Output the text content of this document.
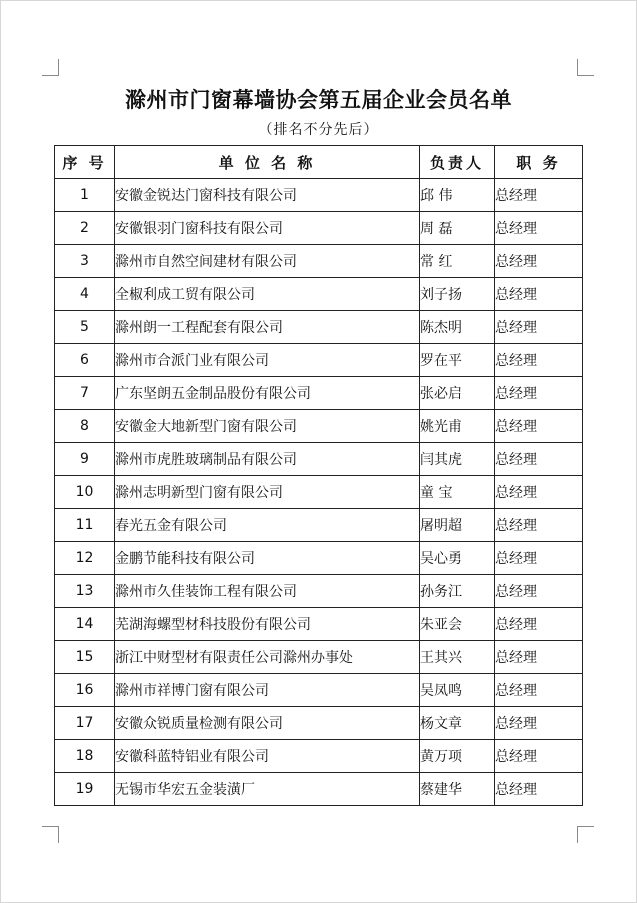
滁州市门窗幕墙协会第五届企业会员名单
（排名不分先后）
序 号	单 位 名 称	负责人	职 务
1	安徽金锐达门窗科技有限公司	邱 伟	总经理
2	安徽银羽门窗科技有限公司	周 磊	总经理
3	滁州市自然空间建材有限公司	常 红	总经理
4	全椒利成工贸有限公司	刘子扬	总经理
5	滁州朗一工程配套有限公司	陈杰明	总经理
6	滁州市合派门业有限公司	罗在平	总经理
7	广东坚朗五金制品股份有限公司	张必启	总经理
8	安徽金大地新型门窗有限公司	姚光甫	总经理
9	滁州市虎胜玻璃制品有限公司	闫其虎	总经理
10	滁州志明新型门窗有限公司	童 宝	总经理
11	春光五金有限公司	屠明超	总经理
12	金鹏节能科技有限公司	吴心勇	总经理
13	滁州市久佳装饰工程有限公司	孙务江	总经理
14	芜湖海螺型材科技股份有限公司	朱亚会	总经理
15	浙江中财型材有限责任公司滁州办事处	王其兴	总经理
16	滁州市祥博门窗有限公司	吴凤鸣	总经理
17	安徽众锐质量检测有限公司	杨文章	总经理
18	安徽科蓝特铝业有限公司	黄万项	总经理
19	无锡市华宏五金装潢厂	蔡建华	总经理
